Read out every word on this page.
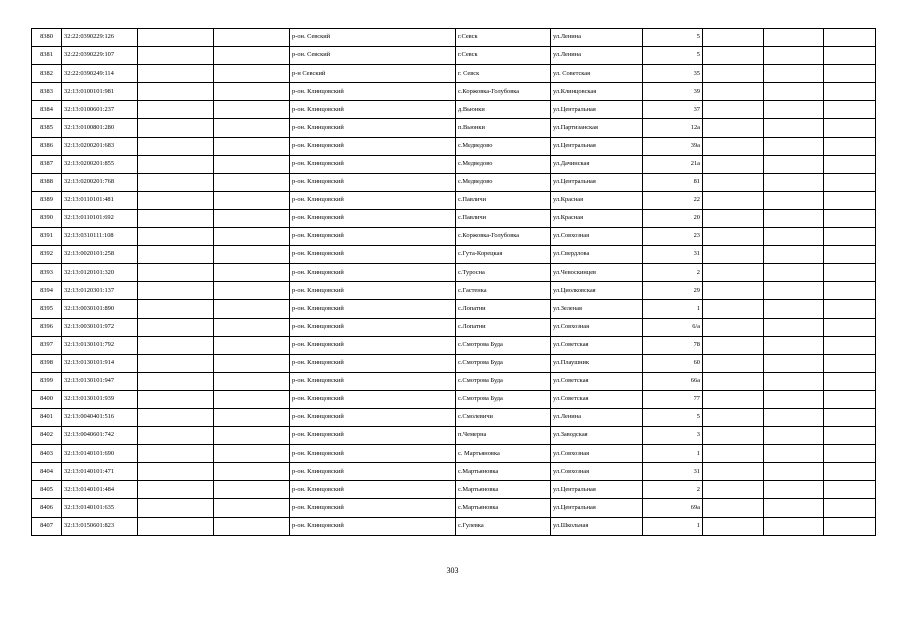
8380	32:22:0390229:126			р-он. Севский	г.Севск	ул.Ленина	5			
8381	32:22:0390229:107			р-он. Севский	г.Севск	ул.Ленина	5			
8382	32:22:0390249:114			р-н Севский	г. Севск	ул. Советская	35			
8383	32:13:0100101:981			р-он. Клинцовский	с.Коржовка-Голубовка	ул.Клинцовская	39			
8384	32:13:0100601:237			р-он. Клинцовский	д.Вьюнки	ул.Центральная	37			
8385	32:13:0100801:280			р-он. Клинцовский	п.Вьюнки	ул.Партизанская	12а			
8386	32:13:0200201:683			р-он. Клинцовский	с.Медведово	ул.Центральная	39а			
8387	32:13:0200201:855			р-он. Клинцовский	с.Медведово	ул.Дачинская	21а			
8388	32:13:0200201:768			р-он. Клинцовский	с.Медведово	ул.Центральная	81			
8389	32:13:0110101:481			р-он. Клинцовский	с.Павличи	ул.Красная	22			
8390	32:13:0110101:692			р-он. Клинцовский	с.Павличи	ул.Красная	20			
8391	32:13:0310111:108			р-он. Клинцовский	с.Коржовка-Голубовка	ул.Совхозная	23			
8392	32:13:0020101:258			р-он. Клинцовский	с.Гута-Корецкая	ул.Свердлова	31			
8393	32:13:0120101:320			р-он. Клинцовский	с.Туросна	ул.Чевоскинцев	2			
8394	32:13:0120301:137			р-он. Клинцовский	с.Гастенка	ул.Циолковская	29			
8395	32:13:0030101:890			р-он. Клинцовский	с.Лопатни	ул.Зеленая	1			
8396	32:13:0030101:972			р-он. Клинцовский	с.Лопатни	ул.Совхозная	6/а			
8397	32:13:0130101:792			р-он. Клинцовский	с.Смотрова Буда	ул.Советская	78			
8398	32:13:0130101:914			р-он. Клинцовский	с.Смотрова Буда	ул.Плаушник	60			
8399	32:13:0130101:947			р-он. Клинцовский	с.Смотрова Буда	ул.Советская	66а			
8400	32:13:0130101:939			р-он. Клинцовский	с.Смотрова Буда	ул.Советская	77			
8401	32:13:0040401:516			р-он. Клинцовский	с.Смолевичи	ул.Ленина	5			
8402	32:13:0040601:742			р-он. Клинцовский	п.Чемерна	ул.Заводская	3			
8403	32:13:0140101:690			р-он. Клинцовский	с. Мартьяновка	ул.Совхозная	1			
8404	32:13:0140101:471			р-он. Клинцовский	с.Мартьяновка	ул.Совхозная	31			
8405	32:13:0140101:484			р-он. Клинцовский	с.Мартьяновка	ул.Центральная	2			
8406	32:13:0140101:635			р-он. Клинцовский	с.Мартьяновка	ул.Центральная	69а			
8407	32:13:0150601:823			р-он. Клинцовский	с.Гулевка	ул.Школьная	1			
303
